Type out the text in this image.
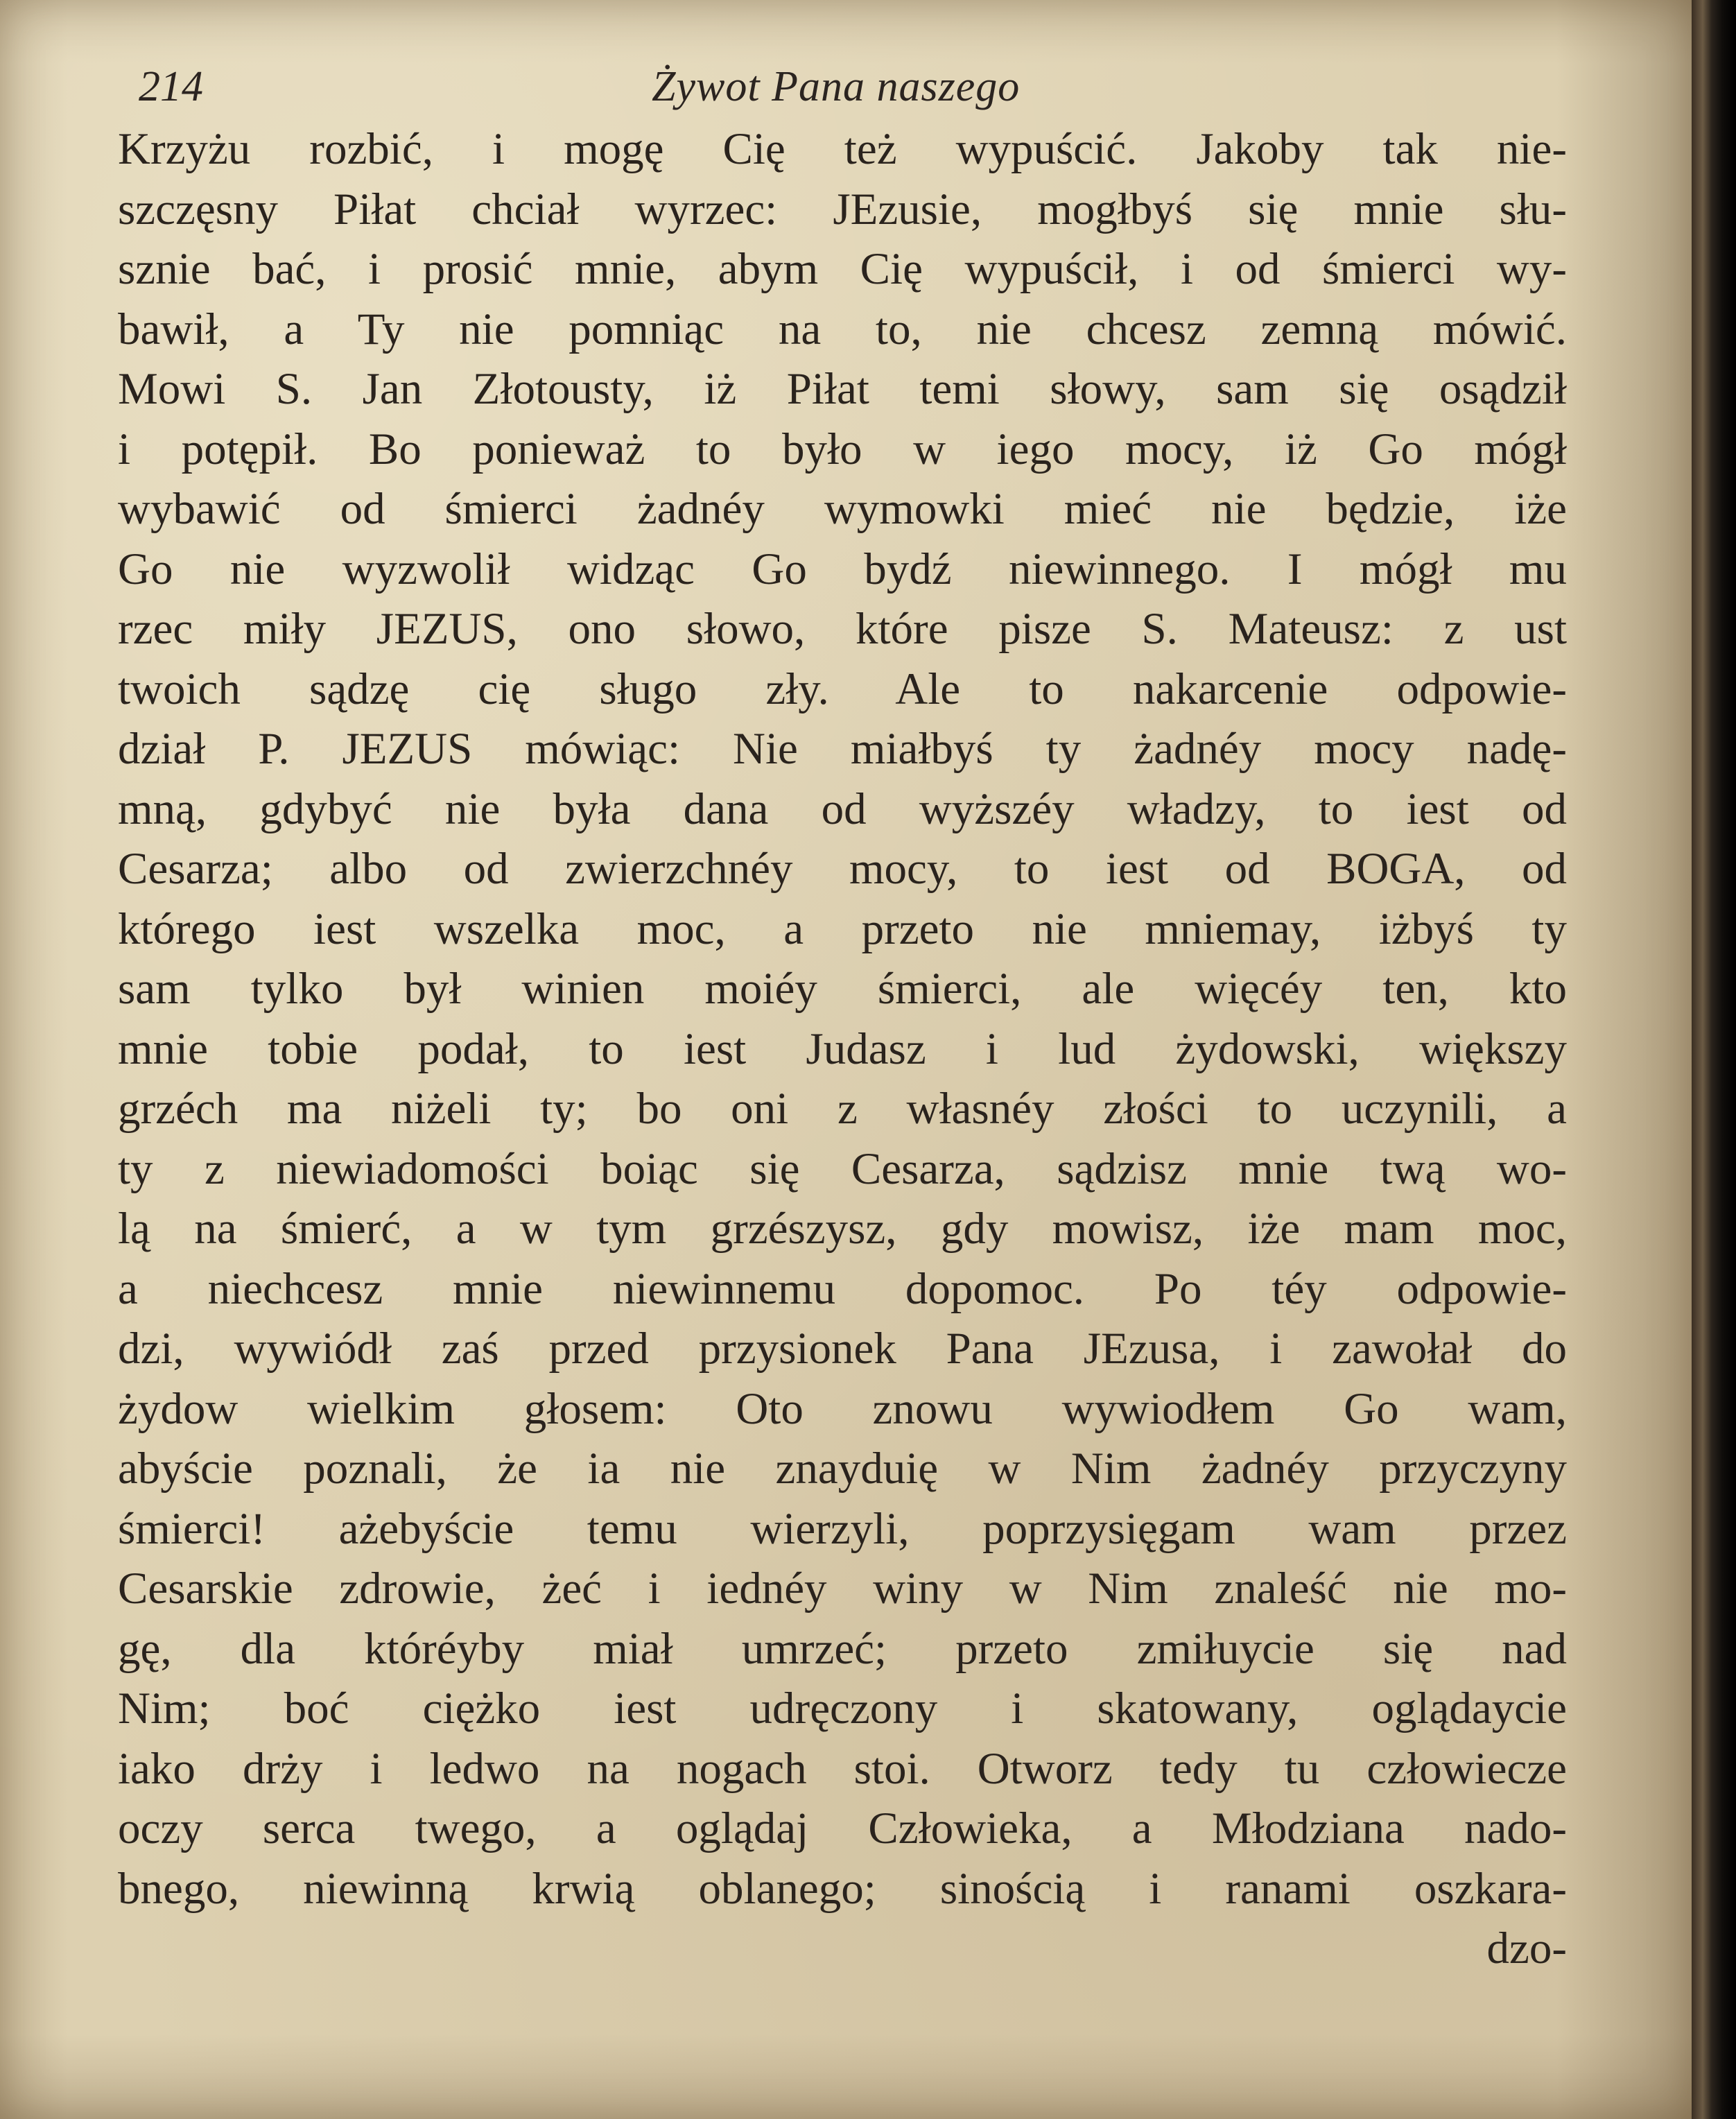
214	Żywot Pana naszego
Krzyżu rozbić, i mogę Cię też wypuścić. Jakoby tak nie-
szczęsny Piłat chciał wyrzec: JEzusie, mogłbyś się mnie słu-
sznie bać, i prosić mnie, abym Cię wypuścił, i od śmierci wy-
bawił, a Ty nie pomniąc na to, nie chcesz zemną mówić.
Mowi S. Jan Złotousty, iż Piłat temi słowy, sam się osądził
i potępił. Bo ponieważ to było w iego mocy, iż Go mógł
wybawić od śmierci żadnéy wymowki mieć nie będzie, iże
Go nie wyzwolił widząc Go bydź niewinnego. I mógł mu
rzec miły JEZUS, ono słowo, które pisze S. Mateusz: z ust
twoich sądzę cię sługo zły. Ale to nakarcenie odpowie-
dział P. JEZUS mówiąc: Nie miałbyś ty żadnéy mocy nadę-
mną, gdybyć nie była dana od wyższéy władzy, to iest od
Cesarza; albo od zwierzchnéy mocy, to iest od BOGA, od
którego iest wszelka moc, a przeto nie mniemay, iżbyś ty
sam tylko był winien moiéy śmierci, ale więcéy ten, kto
mnie tobie podał, to iest Judasz i lud żydowski, większy
grzéch ma niżeli ty; bo oni z własnéy złości to uczynili, a
ty z niewiadomości boiąc się Cesarza, sądzisz mnie twą wo-
lą na śmierć, a w tym grzészysz, gdy mowisz, iże mam moc,
a niechcesz mnie niewinnemu dopomoc. Po téy odpowie-
dzi, wywiódł zaś przed przysionek Pana JEzusa, i zawołał do
żydow wielkim głosem: Oto znowu wywiodłem Go wam,
abyście poznali, że ia nie znayduię w Nim żadnéy przyczyny
śmierci! ażebyście temu wierzyli, poprzysięgam wam przez
Cesarskie zdrowie, żeć i iednéy winy w Nim znaleść nie mo-
gę, dla któréyby miał umrzeć; przeto zmiłuycie się nad
Nim; boć ciężko iest udręczony i skatowany, oglądaycie
iako drży i ledwo na nogach stoi. Otworz tedy tu człowiecze
oczy serca twego, a oglądaj Człowieka, a Młodziana nado-
bnego, niewinną krwią oblanego; sinością i ranami oszkara-
dzo-
